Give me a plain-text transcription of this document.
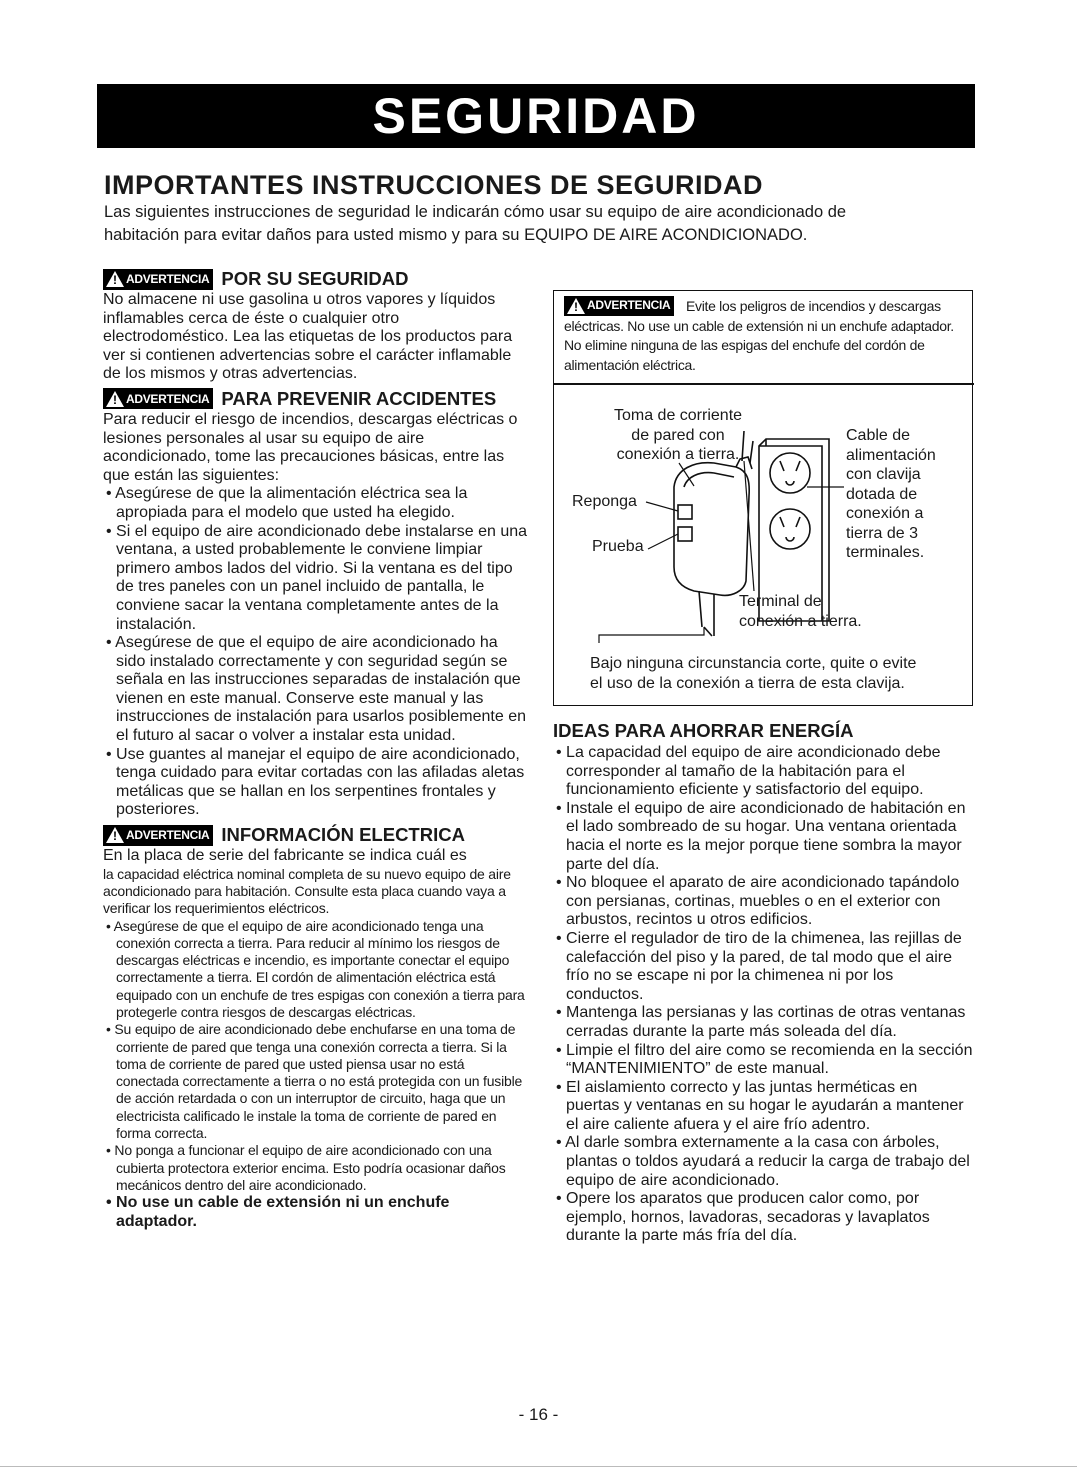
SEGURIDAD
IMPORTANTES INSTRUCCIONES DE SEGURIDAD

Las siguientes instrucciones de seguridad le indicarán cómo usar su equipo de aire acondicionado de

habitación para evitar daños para usted mismo y para su EQUIPO DE AIRE ACONDICIONADO.

! ADVERTENCIA POR SU SEGURIDAD

No almacene ni use gasolina u otros vapores y líquidos inflamables cerca de éste o cualquier otro electrodoméstico. Lea las etiquetas de los productos para ver si contienen advertencias sobre el carácter inflamable de los mismos y otras advertencias.

! ADVERTENCIA PARA PREVENIR ACCIDENTES

Para reducir el riesgo de incendios, descargas eléctricas o lesiones personales al usar su equipo de aire acondicionado, tome las precauciones básicas, entre las que están las siguientes:

• Asegúrese de que la alimentación eléctrica sea la apropiada para el modelo que usted ha elegido.
• Si el equipo de aire acondicionado debe instalarse en una ventana, a usted probablemente le conviene limpiar primero ambos lados del vidrio. Si la ventana es del tipo de tres paneles con un panel incluido de pantalla, le conviene sacar la ventana completamente antes de la instalación.
• Asegúrese de que el equipo de aire acondicionado ha sido instalado correctamente y con seguridad según se señala en las instrucciones separadas de instalación que vienen en este manual. Conserve este manual y las instrucciones de instalación para usarlos posiblemente en el futuro al sacar o volver a instalar esta unidad.
• Use guantes al manejar el equipo de aire acondicionado, tenga cuidado para evitar cortadas con las afiladas aletas metálicas que se hallan en los serpentines frontales y posteriores.
! ADVERTENCIA INFORMACIÓN ELECTRICA

En la placa de serie del fabricante se indica cuál es

la capacidad eléctrica nominal completa de su nuevo equipo de aire acondicionado para habitación. Consulte esta placa cuando vaya a verificar los requerimientos eléctricos.

• Asegúrese de que el equipo de aire acondicionado tenga una conexión correcta a tierra. Para reducir al mínimo los riesgos de descargas eléctricas e incendio, es importante conectar el equipo correctamente a tierra. El cordón de alimentación eléctrica está equipado con un enchufe de tres espigas con conexión a tierra para protegerle contra riesgos de descargas eléctricas.
• Su equipo de aire acondicionado debe enchufarse en una toma de corriente de pared que tenga una conexión correcta a tierra. Si la toma de corriente de pared que usted piensa usar no está conectada correctamente a tierra o no está protegida con un fusible de acción retardada o con un interruptor de circuito, haga que un electricista calificado le instale la toma de corriente de pared en forma correcta.
• No ponga a funcionar el equipo de aire acondicionado con una cubierta protectora exterior encima. Esto podría ocasionar daños mecánicos dentro del aire acondicionado.
• No use un cable de extensión ni un enchufe adaptador.
! ADVERTENCIA Evite los peligros de incendios y descargas eléctricas. No use un cable de extensión ni un enchufe adaptador. No elimine ninguna de las espigas del enchufe del cordón de alimentación eléctrica.
Toma de corriente
de pared con
conexión a tierra.
Reponga
Prueba
Cable de
alimentación
con clavija
dotada de
conexión a
tierra de 3
terminales.
Terminal de
conexión a tierra.
Bajo ninguna circunstancia corte, quite o evite
el uso de la conexión a tierra de esta clavija.
IDEAS PARA AHORRAR ENERGÍA
• La capacidad del equipo de aire acondicionado debe corresponder al tamaño de la habitación para el funcionamiento eficiente y satisfactorio del equipo.
• Instale el equipo de aire acondicionado de habitación en el lado sombreado de su hogar. Una ventana orientada hacia el norte es la mejor porque tiene sombra la mayor parte del día.
• No bloquee el aparato de aire acondicionado tapándolo con persianas, cortinas, muebles o en el exterior con arbustos, recintos u otros edificios.
• Cierre el regulador de tiro de la chimenea, las rejillas de calefacción del piso y la pared, de tal modo que el aire frío no se escape ni por la chimenea ni por los conductos.
• Mantenga las persianas y las cortinas de otras ventanas cerradas durante la parte más soleada del día.
• Limpie el filtro del aire como se recomienda en la sección “MANTENIMIENTO” de este manual.
• El aislamiento correcto y las juntas herméticas en puertas y ventanas en su hogar le ayudarán a mantener el aire caliente afuera y el aire frío adentro.
• Al darle sombra externamente a la casa con árboles, plantas o toldos ayudará a reducir la carga de trabajo del equipo de aire acondicionado.
• Opere los aparatos que producen calor como, por ejemplo, hornos, lavadoras, secadoras y lavaplatos durante la parte más fría del día.
- 16 -
